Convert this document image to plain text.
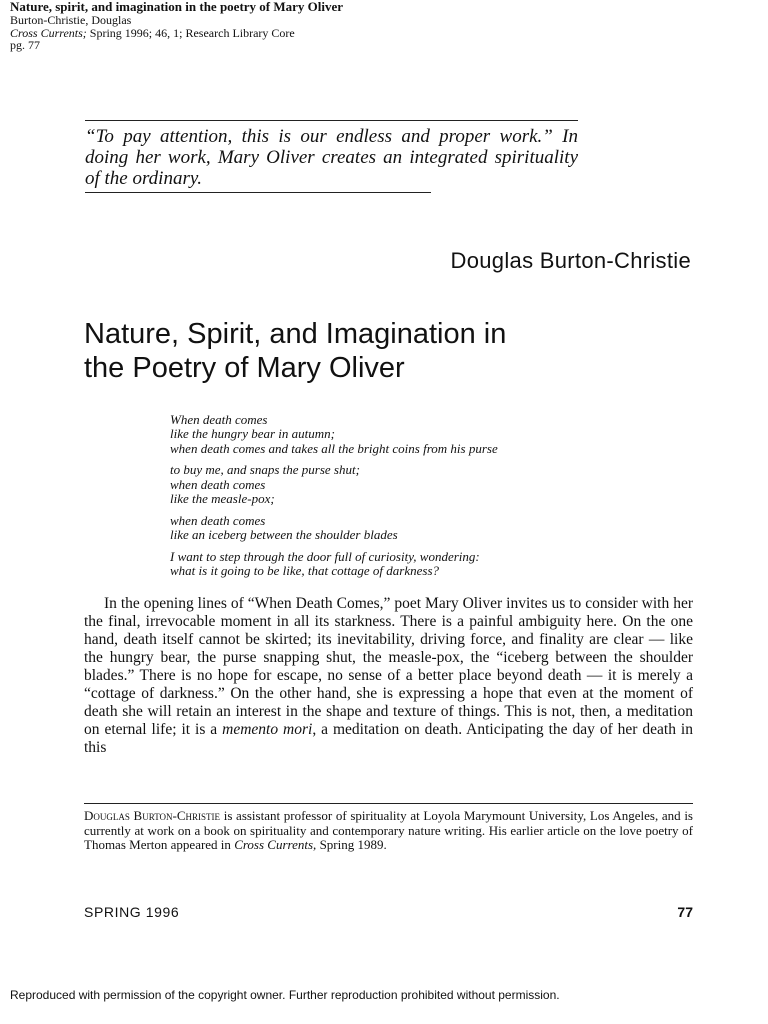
Nature, spirit, and imagination in the poetry of Mary Oliver
Burton-Christie, Douglas
Cross Currents; Spring 1996; 46, 1; Research Library Core
pg. 77
“To pay attention, this is our endless and proper work.” In doing her work, Mary Oliver creates an integrated spirituality of the ordinary.
Douglas Burton-Christie
Nature, Spirit, and Imagination in
the Poetry of Mary Oliver
When death comes
like the hungry bear in autumn;
when death comes and takes all the bright coins from his purse
to buy me, and snaps the purse shut;
when death comes
like the measle-pox;
when death comes
like an iceberg between the shoulder blades
I want to step through the door full of curiosity, wondering:
what is it going to be like, that cottage of darkness?

In the opening lines of “When Death Comes,” poet Mary Oliver invites us to consider with her the final, irrevocable moment in all its starkness. There is a painful ambiguity here. On the one hand, death itself cannot be skirted; its inevitability, driving force, and finality are clear — like the hungry bear, the purse snapping shut, the measle-pox, the “iceberg between the shoulder blades.” There is no hope for escape, no sense of a better place beyond death — it is merely a “cottage of darkness.” On the other hand, she is expressing a hope that even at the moment of death she will retain an interest in the shape and texture of things. This is not, then, a meditation on eternal life; it is a memento mori, a meditation on death. Anticipating the day of her death in this

Douglas Burton-Christie is assistant professor of spirituality at Loyola Marymount University, Los Angeles, and is currently at work on a book on spirituality and contemporary nature writing. His earlier article on the love poetry of Thomas Merton appeared in Cross Currents, Spring 1989.

SPRING 1996	77
Reproduced with permission of the copyright owner. Further reproduction prohibited without permission.
